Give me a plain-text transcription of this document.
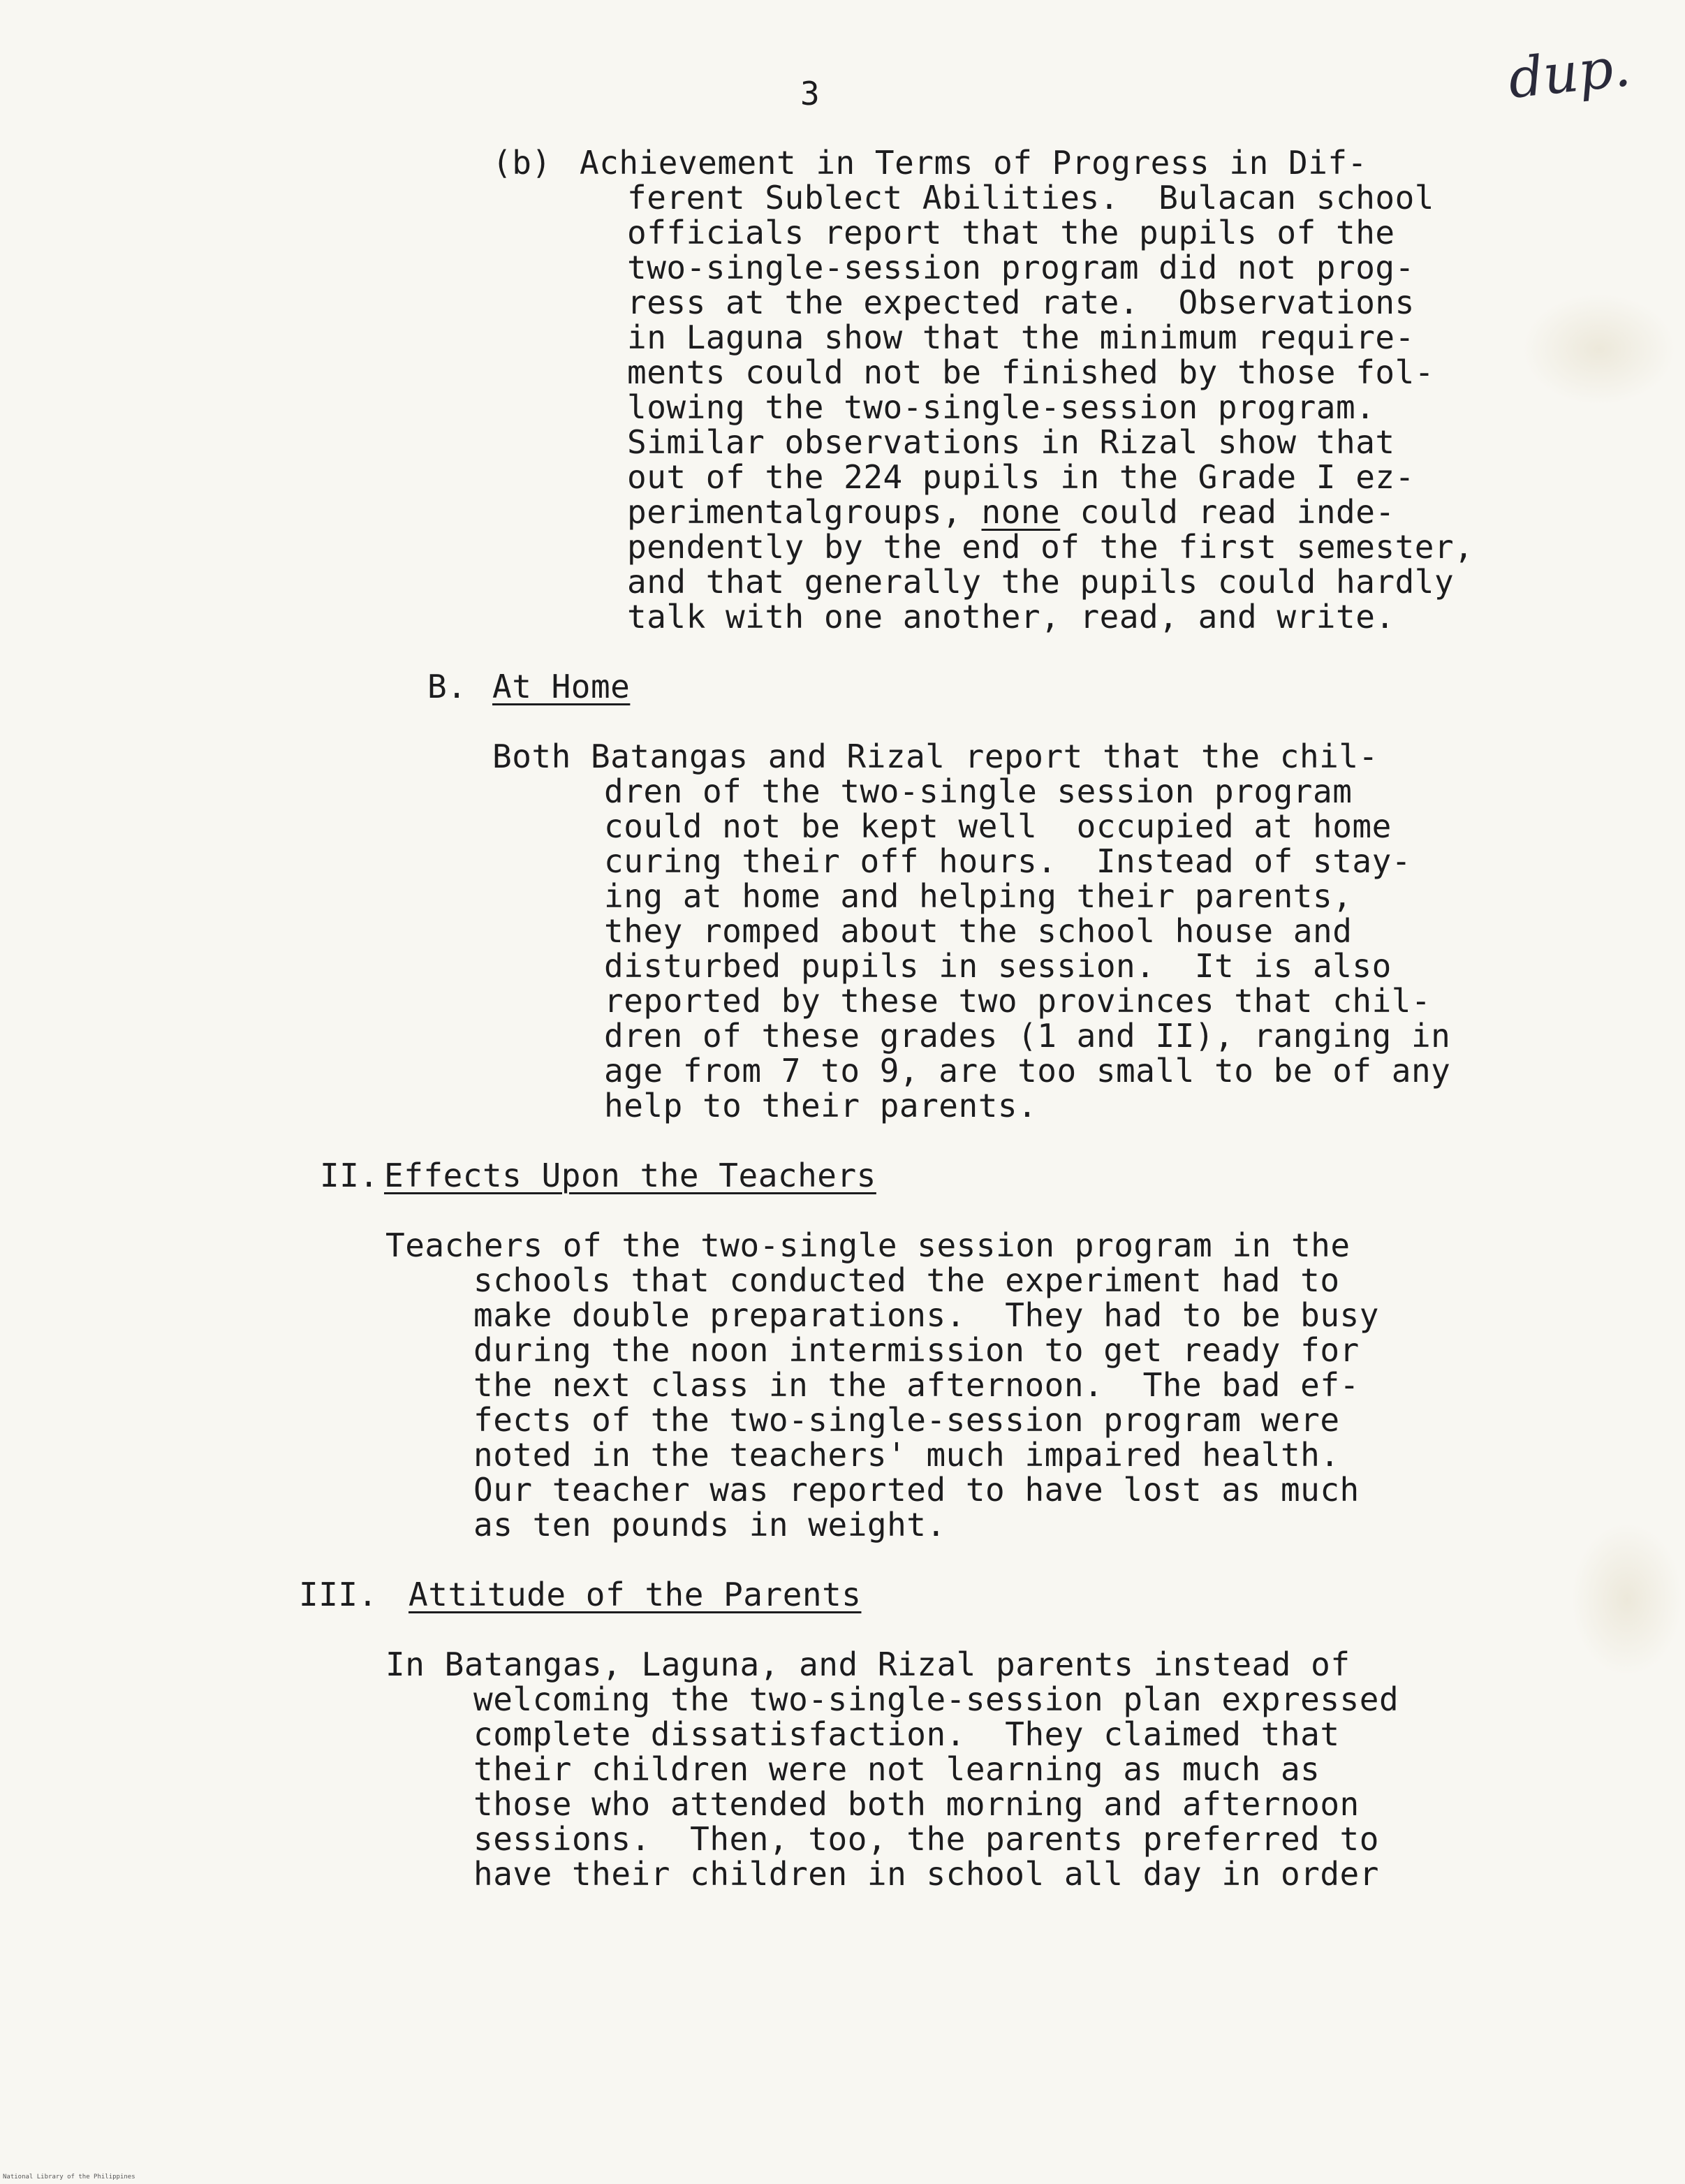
3	dup.
(b) Achievement in Terms of Progress in Dif-
ferent Sublect Abilities.  Bulacan school
officials report that the pupils of the
two-single-session program did not prog-
ress at the expected rate.  Observations
in Laguna show that the minimum require-
ments could not be finished by those fol-
lowing the two-single-session program.
Similar observations in Rizal show that
out of the 224 pupils in the Grade I ez-
perimentalgroups, none could read inde-
pendently by the end of the first semester,
and that generally the pupils could hardly
talk with one another, read, and write.
B. At Home
Both Batangas and Rizal report that the chil-
dren of the two-single session program
could not be kept well  occupied at home
curing their off hours.  Instead of stay-
ing at home and helping their parents,
they romped about the school house and
disturbed pupils in session.  It is also
reported by these two provinces that chil-
dren of these grades (1 and II), ranging in
age from 7 to 9, are too small to be of any
help to their parents.
II. Effects Upon the Teachers
Teachers of the two-single session program in the
schools that conducted the experiment had to
make double preparations.  They had to be busy
during the noon intermission to get ready for
the next class in the afternoon.  The bad ef-
fects of the two-single-session program were
noted in the teachers' much impaired health.
Our teacher was reported to have lost as much
as ten pounds in weight.
III. Attitude of the Parents
In Batangas, Laguna, and Rizal parents instead of
welcoming the two-single-session plan expressed
complete dissatisfaction.  They claimed that
their children were not learning as much as
those who attended both morning and afternoon
sessions.  Then, too, the parents preferred to
have their children in school all day in order
National Library of the Philippines
